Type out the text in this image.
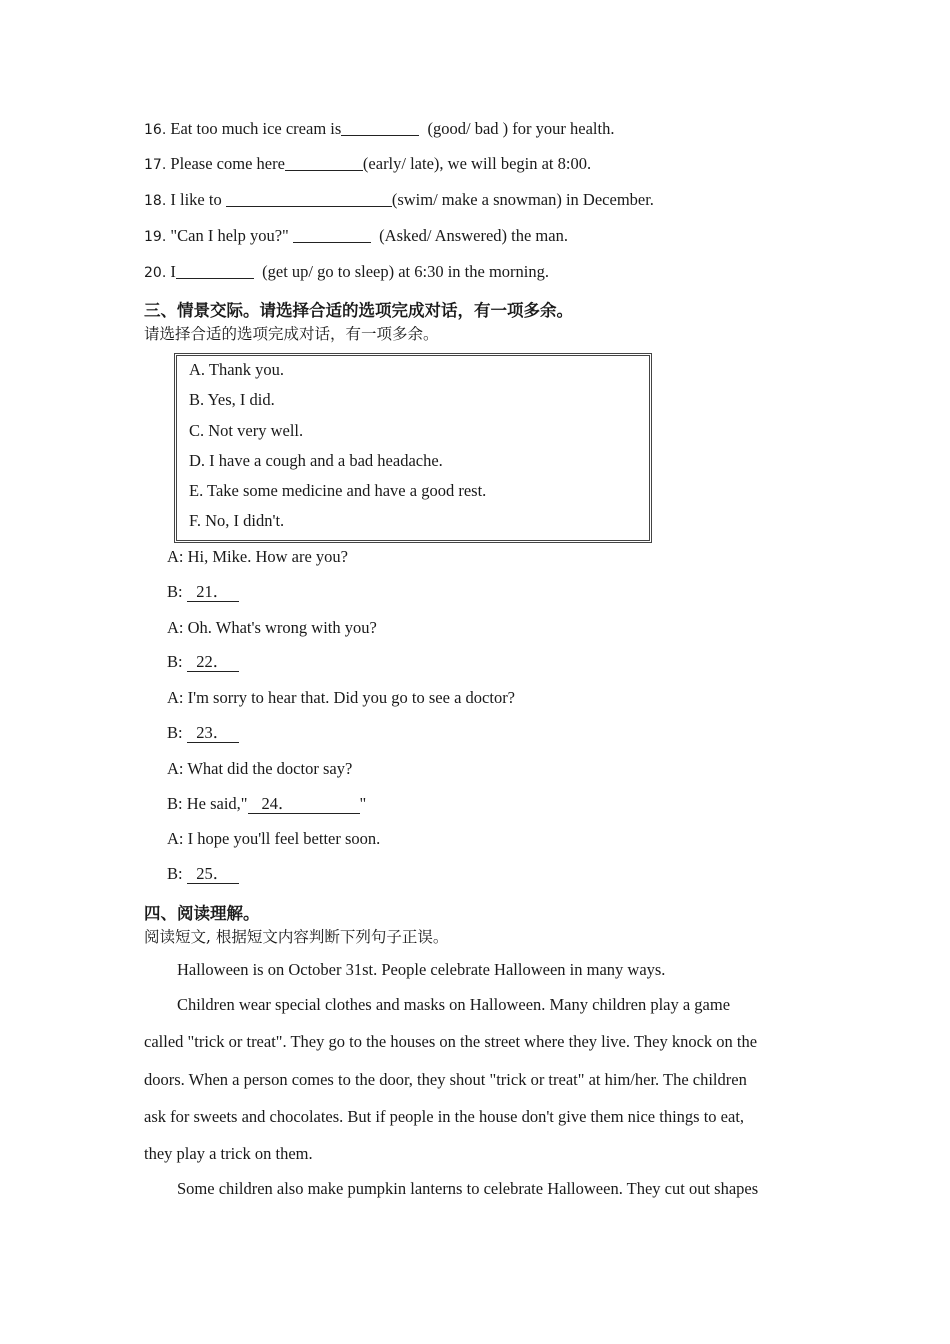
16. Eat too much ice cream is	(good/ bad ) for your health.
17. Please come here	(early/ late), we will begin at 8:00.
18. I like to	(swim/ make a snowman) in December.
19. "Can I help you?"	(Asked/ Answered) the man.
20. I	(get up/ go to sleep) at 6:30 in the morning.
三、情景交际。请选择合适的选项完成对话，有一项多余。
请选择合适的选项完成对话，有一项多余。
A. Thank you.
B. Yes, I did.
C. Not very well.
D. I have a cough and a bad headache.
E. Take some medicine and have a good rest.
F. No, I didn't.
A: Hi, Mike. How are you?
B: 21．
A: Oh. What's wrong with you?
B: 22．
A: I'm sorry to hear that. Did you go to see a doctor?
B: 23．
A: What did the doctor say?
B: He said," 24．	"
A: I hope you'll feel better soon.
B: 25．
四、阅读理解。
阅读短文, 根据短文内容判断下列句子正误。
Halloween is on October 31st. People celebrate Halloween in many ways.
Children wear special clothes and masks on Halloween. Many children play a game
called "trick or treat". They go to the houses on the street where they live. They knock on the
doors. When a person comes to the door, they shout "trick or treat" at him/her. The children
ask for sweets and chocolates. But if people in the house don't give them nice things to eat,
they play a trick on them.
Some children also make pumpkin lanterns to celebrate Halloween. They cut out shapes
